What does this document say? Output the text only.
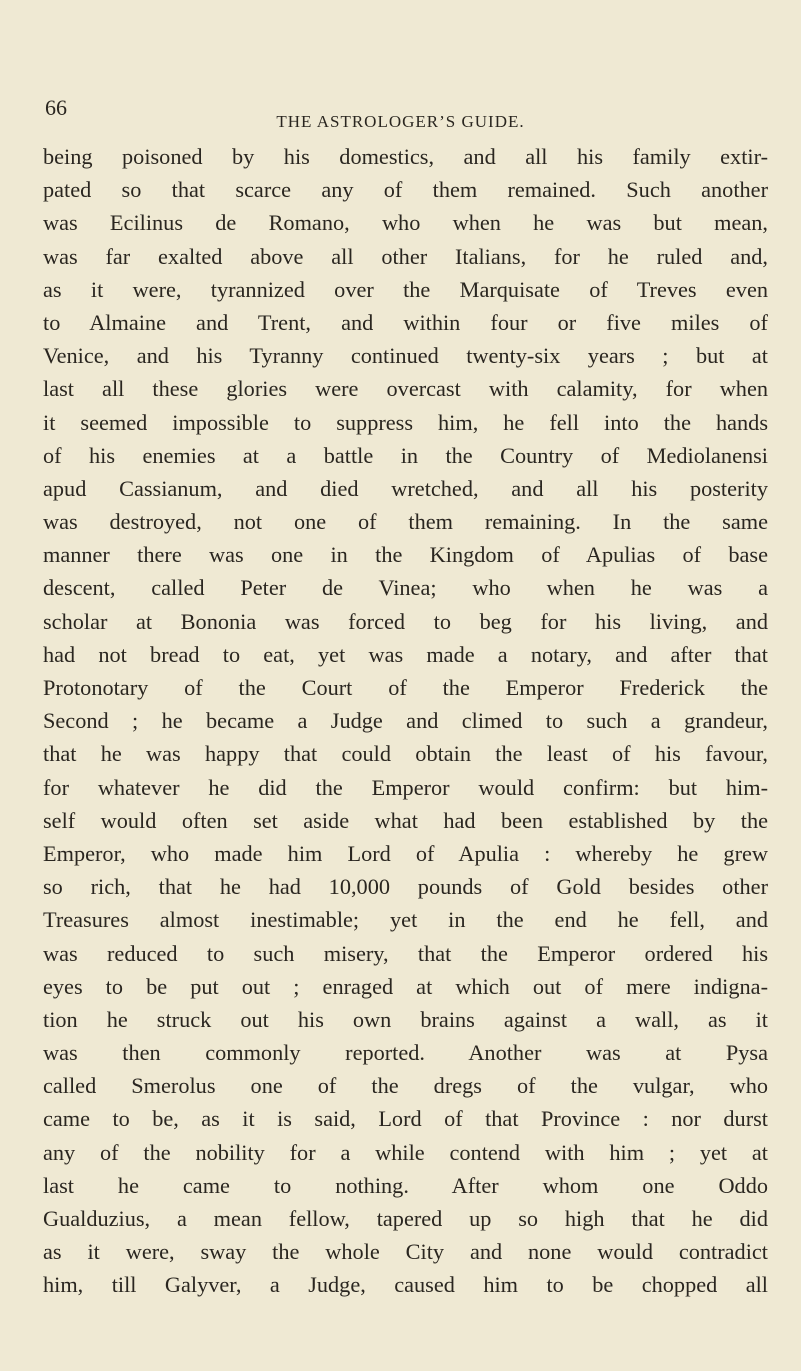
66
THE ASTROLOGER’S GUIDE.
being poisoned by his domestics, and all his family extir-
pated so that scarce any of them remained. Such another
was Ecilinus de Romano, who when he was but mean,
was far exalted above all other Italians, for he ruled and,
as it were, tyrannized over the Marquisate of Treves even
to Almaine and Trent, and within four or five miles of
Venice, and his Tyranny continued twenty-six years ; but at
last all these glories were overcast with calamity, for when
it seemed impossible to suppress him, he fell into the hands
of his enemies at a battle in the Country of Mediolanensi
apud Cassianum, and died wretched, and all his posterity
was destroyed, not one of them remaining. In the same
manner there was one in the Kingdom of Apulias of base
descent, called Peter de Vinea; who when he was a
scholar at Bononia was forced to beg for his living, and
had not bread to eat, yet was made a notary, and after that
Protonotary of the Court of the Emperor Frederick the
Second ; he became a Judge and climed to such a grandeur,
that he was happy that could obtain the least of his favour,
for whatever he did the Emperor would confirm: but him-
self would often set aside what had been established by the
Emperor, who made him Lord of Apulia : whereby he grew
so rich, that he had 10,000 pounds of Gold besides other
Treasures almost inestimable; yet in the end he fell, and
was reduced to such misery, that the Emperor ordered his
eyes to be put out ; enraged at which out of mere indigna-
tion he struck out his own brains against a wall, as it
was then commonly reported. Another was at Pysa
called Smerolus one of the dregs of the vulgar, who
came to be, as it is said, Lord of that Province : nor durst
any of the nobility for a while contend with him ; yet at
last he came to nothing. After whom one Oddo
Gualduzius, a mean fellow, tapered up so high that he did
as it were, sway the whole City and none would contradict
him, till Galyver, a Judge, caused him to be chopped all
